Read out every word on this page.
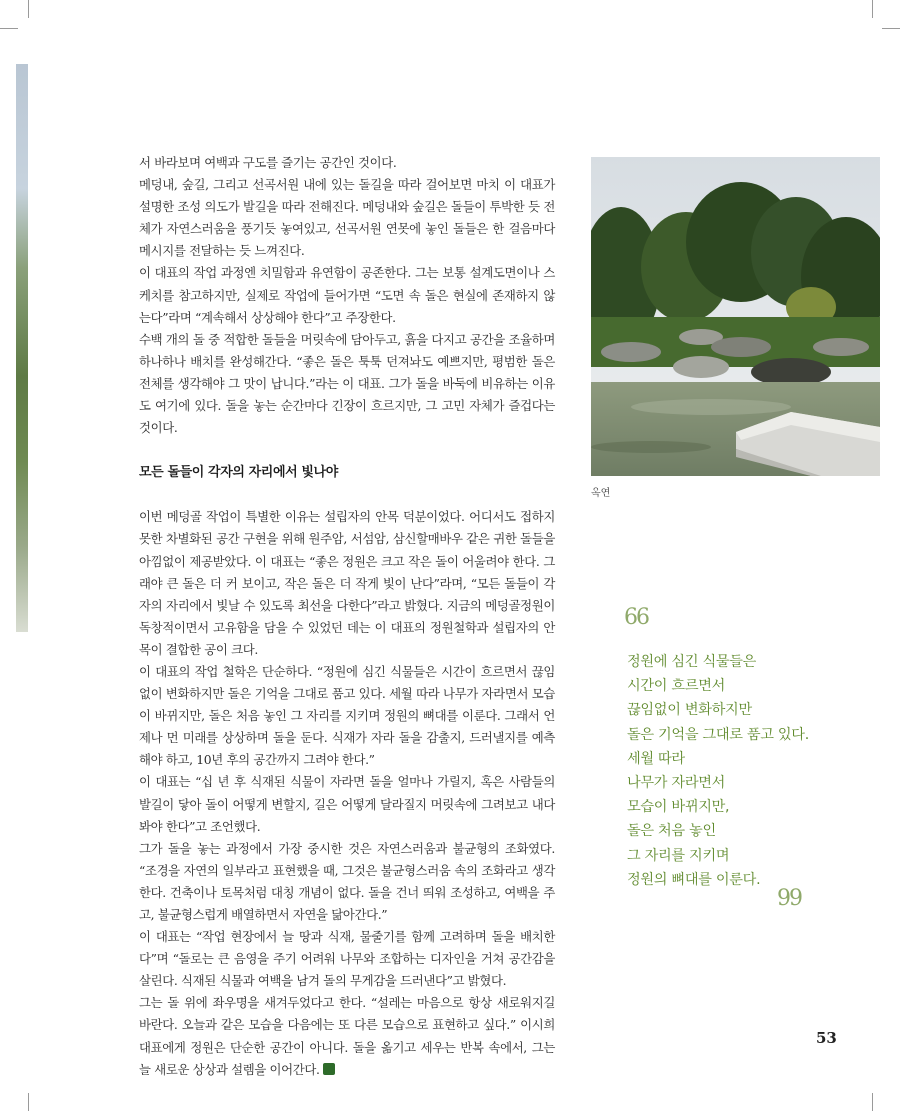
서 바라보며 여백과 구도를 즐기는 공간인 것이다.

메덩내, 숲길, 그리고 선곡서원 내에 있는 돌길을 따라 걸어보면 마치 이 대표가 설명한 조성 의도가 발길을 따라 전해진다. 메덩내와 숲길은 돌들이 투박한 듯 전체가 자연스러움을 풍기듯 놓여있고, 선곡서원 연못에 놓인 돌들은 한 걸음마다 메시지를 전달하는 듯 느껴진다.

이 대표의 작업 과정엔 치밀함과 유연함이 공존한다. 그는 보통 설계도면이나 스케치를 참고하지만, 실제로 작업에 들어가면 “도면 속 돌은 현실에 존재하지 않는다”라며 “계속해서 상상해야 한다”고 주장한다.

수백 개의 돌 중 적합한 돌들을 머릿속에 담아두고, 흙을 다지고 공간을 조율하며 하나하나 배치를 완성해간다. “좋은 돌은 툭툭 던져놔도 예쁘지만, 평범한 돌은 전체를 생각해야 그 맛이 납니다.”라는 이 대표. 그가 돌을 바둑에 비유하는 이유도 여기에 있다. 돌을 놓는 순간마다 긴장이 흐르지만, 그 고민 자체가 즐겁다는 것이다.

모든 돌들이 각자의 자리에서 빛나야

이번 메덩골 작업이 특별한 이유는 설립자의 안목 덕분이었다. 어디서도 접하지 못한 차별화된 공간 구현을 위해 원주암, 서섬암, 삼신할매바우 같은 귀한 돌들을 아낌없이 제공받았다. 이 대표는 “좋은 정원은 크고 작은 돌이 어울려야 한다. 그래야 큰 돌은 더 커 보이고, 작은 돌은 더 작게 빛이 난다”라며, “모든 돌들이 각자의 자리에서 빛날 수 있도록 최선을 다한다”라고 밝혔다. 지금의 메덩골정원이 독창적이면서 고유함을 담을 수 있었던 데는 이 대표의 정원철학과 설립자의 안목이 결합한 공이 크다.

이 대표의 작업 철학은 단순하다. “정원에 심긴 식물들은 시간이 흐르면서 끊임없이 변화하지만 돌은 기억을 그대로 품고 있다. 세월 따라 나무가 자라면서 모습이 바뀌지만, 돌은 처음 놓인 그 자리를 지키며 정원의 뼈대를 이룬다. 그래서 언제나 먼 미래를 상상하며 돌을 둔다. 식재가 자라 돌을 감출지, 드러낼지를 예측해야 하고, 10년 후의 공간까지 그려야 한다.”

이 대표는 “십 년 후 식재된 식물이 자라면 돌을 얼마나 가릴지, 혹은 사람들의 발길이 닿아 돌이 어떻게 변할지, 길은 어떻게 달라질지 머릿속에 그려보고 내다봐야 한다”고 조언했다.

그가 돌을 놓는 과정에서 가장 중시한 것은 자연스러움과 불균형의 조화였다. “조경을 자연의 일부라고 표현했을 때, 그것은 불균형스러움 속의 조화라고 생각한다. 건축이나 토목처럼 대칭 개념이 없다. 돌을 건너 띄워 조성하고, 여백을 주고, 불균형스럽게 배열하면서 자연을 닮아간다.”

이 대표는 “작업 현장에서 늘 땅과 식재, 물줄기를 함께 고려하며 돌을 배치한다”며 “돌로는 큰 음영을 주기 어려워 나무와 조합하는 디자인을 거쳐 공간감을 살린다. 식재된 식물과 여백을 남겨 돌의 무게감을 드러낸다”고 밝혔다.

그는 돌 위에 좌우명을 새겨두었다고 한다. “설레는 마음으로 항상 새로워지길 바란다. 오늘과 같은 모습을 다음에는 또 다른 모습으로 표현하고 싶다.” 이시희 대표에게 정원은 단순한 공간이 아니다. 돌을 옮기고 세우는 반복 속에서, 그는 늘 새로운 상상과 설렘을 이어간다.

옥연
66
정원에 심긴 식물들은
시간이 흐르면서
끊임없이 변화하지만
돌은 기억을 그대로 품고 있다.
세월 따라
나무가 자라면서
모습이 바뀌지만,
돌은 처음 놓인
그 자리를 지키며
정원의 뼈대를 이룬다.
99
53
